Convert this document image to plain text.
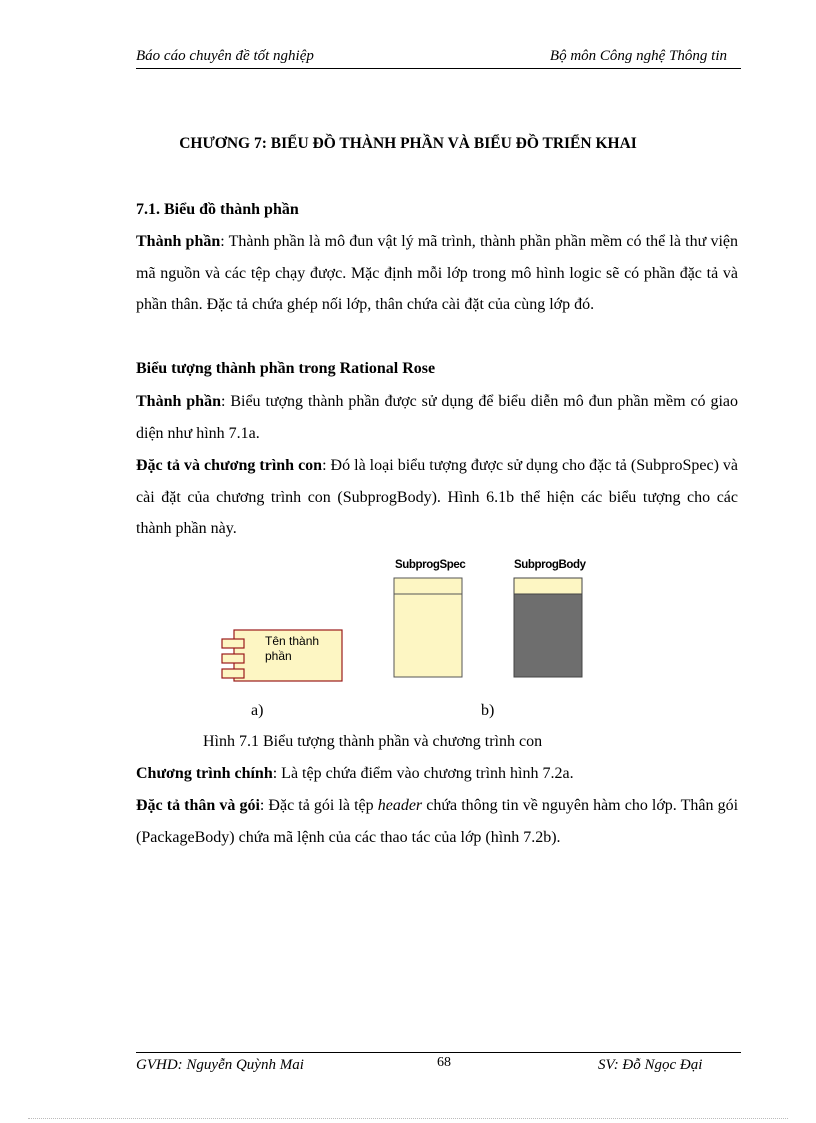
Báo cáo chuyên đề tốt nghiệp	Bộ môn Công nghệ Thông tin
CHƯƠNG 7: BIỂU ĐỒ THÀNH PHẦN VÀ BIỂU ĐỒ TRIỂN KHAI
7.1. Biểu đồ thành phần
Thành phần: Thành phần là mô đun vật lý mã trình, thành phần phần mềm có thể là thư viện mã nguồn và các tệp chạy được. Mặc định mỗi lớp trong mô hình logic sẽ có phần đặc tả và phần thân. Đặc tả chứa ghép nối lớp, thân chứa cài đặt của cùng lớp đó.
Biểu tượng thành phần trong Rational Rose
Thành phần: Biểu tượng thành phần được sử dụng để biểu diễn mô đun phần mềm có giao diện như hình 7.1a.
Đặc tả và chương trình con: Đó là loại biểu tượng được sử dụng cho đặc tả (SubproSpec) và cài đặt của chương trình con (SubprogBody). Hình 6.1b thể hiện các biểu tượng cho các thành phần này.
Tên thành
phần
SubprogSpec	SubprogBody
a)	b)
Hình 7.1 Biểu tượng thành phần và chương trình con
Chương trình chính: Là tệp chứa điểm vào chương trình hình 7.2a.
Đặc tả thân và gói: Đặc tả gói là tệp header chứa thông tin về nguyên hàm cho lớp. Thân gói (PackageBody) chứa mã lệnh của các thao tác của lớp (hình 7.2b).
GVHD: Nguyễn Quỳnh Mai	68	SV: Đỗ Ngọc Đại
